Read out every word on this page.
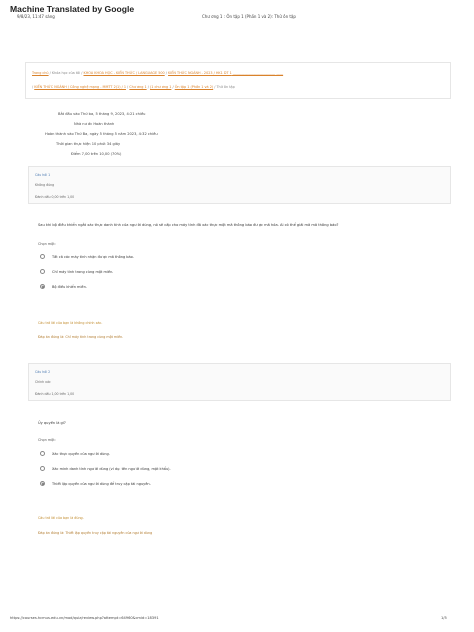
Machine Translated by Google
9/8/23, 11:47 sáng	Chư ơng 1 : Ôn tập 1 (Phần 1 và 2): Thử ôn tập
Trang chủ / Khóa học của tôi / KHOA KHOA HỌC - KIẾN THỨC / LANGUAGE 500 / KIẾN THỨC NGÀNH - 2023 / HK1 DT 1 _________________________ ____
/ KIẾN THỨC NGÀNH / Công nghệ mạng - MMTT 2(1) / 1 / Chư ơng 1 / (1 chư ơng 1 / Ôn tập 1 (Phần 1 và 2) / Thử ôn tập
Bắt đầu vào Thứ ba, 5 tháng 9, 2023, 4:21 chiều
Nhà nư ớc Hoàn thành
Hoàn thành vào Thứ Ba, ngày 5 tháng 5 năm 2023, 4:32 chiều
Thời gian thực hiện 10 phút 34 giây
Điểm 7,00 trên 10,00 (70%)
Câu hỏi 1
Không đúng
Đánh dấu 0,00 trên 1,00
Sau khi bộ điều khiển ngắt xác thực danh tính của ngư ời dùng, nó sẽ cấp cho máy tính đã xác thực một mã thông báo đư ợc mã hóa. Ai có thể giải mã mã thông báo?
Chọn một:
Tất cả các máy tính nhận đư ợc mã thông báo.
Chỉ máy tính trong cùng một miền.
Bộ điều khiển miền.
Câu trả lời của bạn là không chính xác.
Đáp án đúng là: Chỉ máy tính trong cùng một miền.
Câu hỏi 2
Chính xác
Đánh dấu 1,00 trên 1,00
Ủy quyền là gì?
Chọn một:
Xác thực quyền của ngư ời dùng.
Xác minh danh tính ngư ời dùng (ví dụ: tên ngư ời dùng, mật khẩu).
Thiết lập quyền của ngư ời dùng để truy cập tài nguyên.
Câu trả lời của bạn là đúng.
Đáp án đúng là: Thiết lập quyền truy cập tài nguyên của ngư ời dùng
https://courses.hcmus.edu.vn/mod/quiz/review.php?attempt=64960&cmid=18391	1/5
